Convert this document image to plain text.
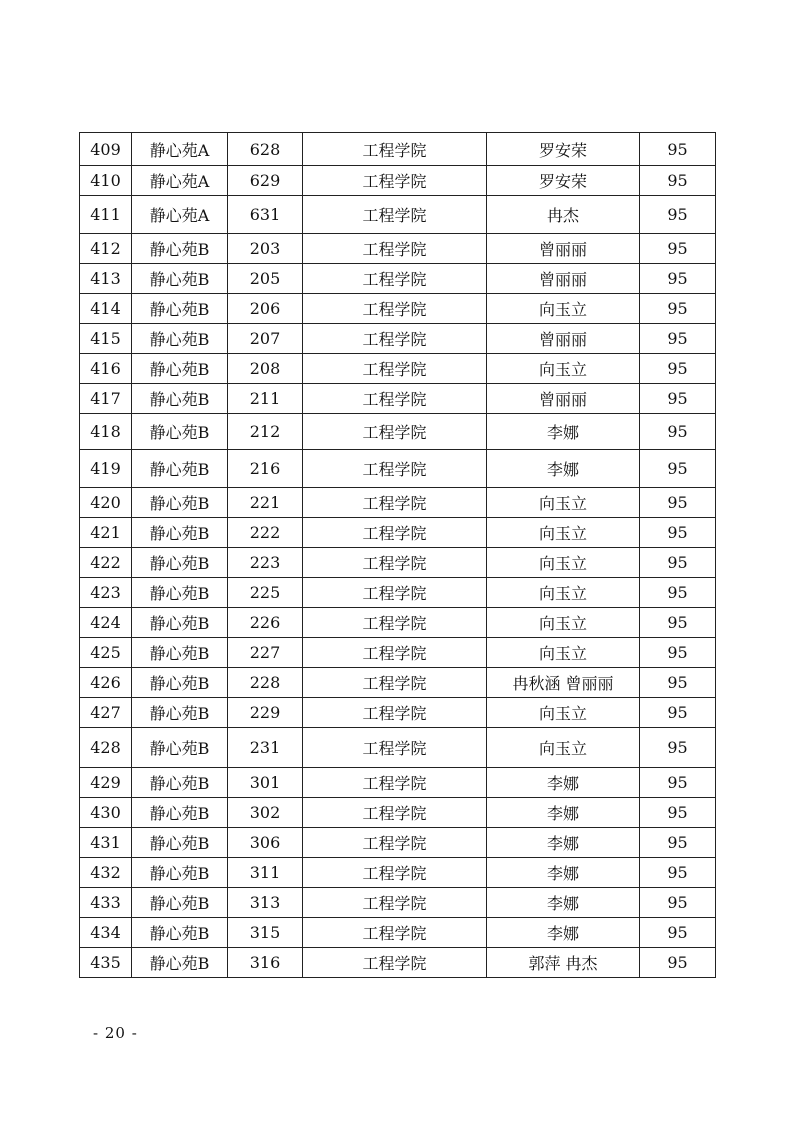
409	静心苑A	628	工程学院	罗安荣	95
410	静心苑A	629	工程学院	罗安荣	95
411	静心苑A	631	工程学院	冉杰	95
412	静心苑B	203	工程学院	曾丽丽	95
413	静心苑B	205	工程学院	曾丽丽	95
414	静心苑B	206	工程学院	向玉立	95
415	静心苑B	207	工程学院	曾丽丽	95
416	静心苑B	208	工程学院	向玉立	95
417	静心苑B	211	工程学院	曾丽丽	95
418	静心苑B	212	工程学院	李娜	95
419	静心苑B	216	工程学院	李娜	95
420	静心苑B	221	工程学院	向玉立	95
421	静心苑B	222	工程学院	向玉立	95
422	静心苑B	223	工程学院	向玉立	95
423	静心苑B	225	工程学院	向玉立	95
424	静心苑B	226	工程学院	向玉立	95
425	静心苑B	227	工程学院	向玉立	95
426	静心苑B	228	工程学院	冉秋涵 曾丽丽	95
427	静心苑B	229	工程学院	向玉立	95
428	静心苑B	231	工程学院	向玉立	95
429	静心苑B	301	工程学院	李娜	95
430	静心苑B	302	工程学院	李娜	95
431	静心苑B	306	工程学院	李娜	95
432	静心苑B	311	工程学院	李娜	95
433	静心苑B	313	工程学院	李娜	95
434	静心苑B	315	工程学院	李娜	95
435	静心苑B	316	工程学院	郭萍 冉杰	95
- 20 -
